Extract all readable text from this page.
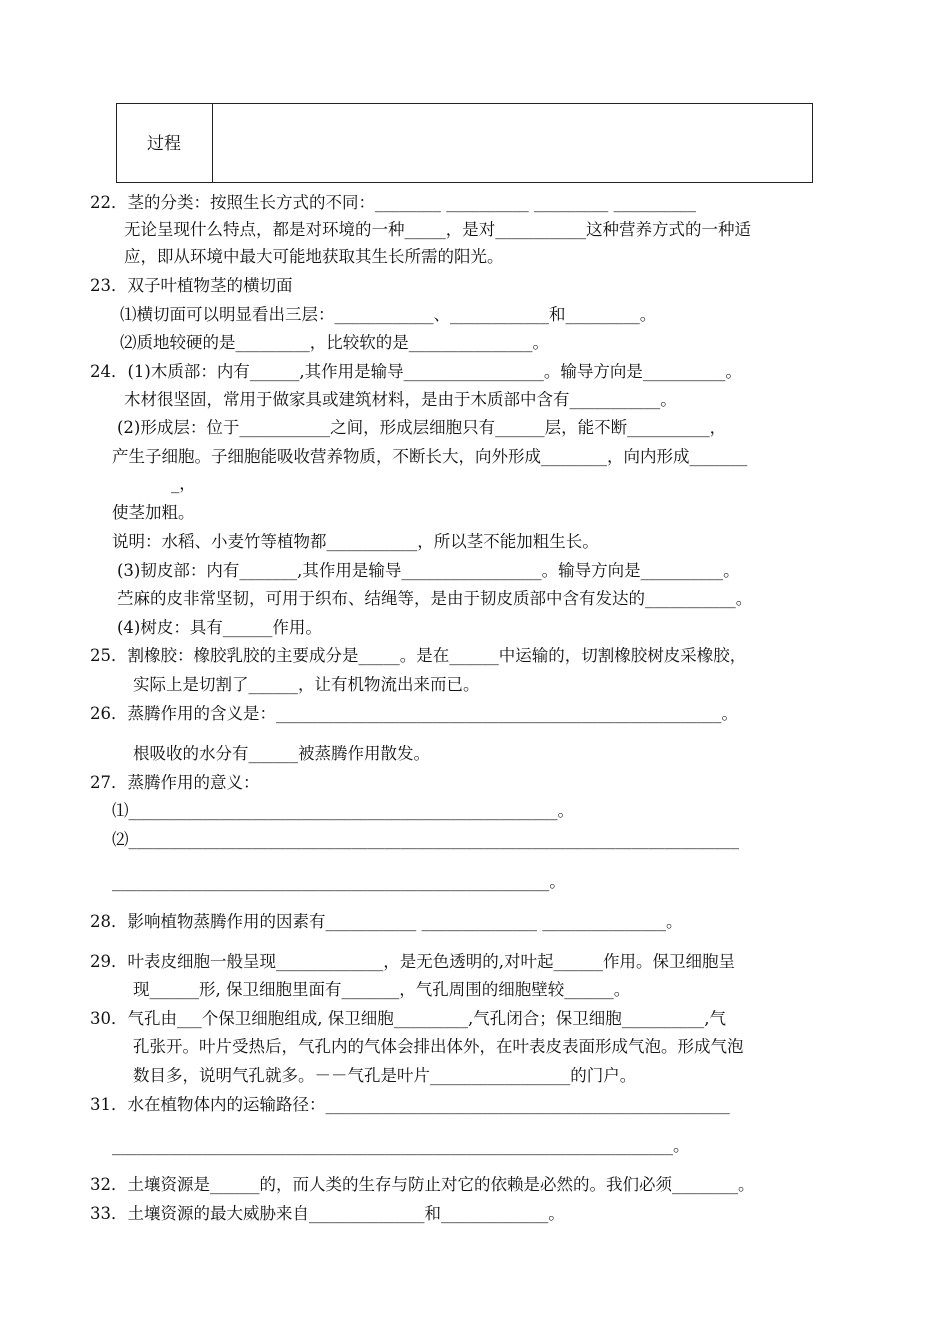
过程
22．茎的分类：按照生长方式的不同：________ __________ _________ __________
无论呈现什么特点，都是对环境的一种_____，是对___________这种营养方式的一种适
应，即从环境中最大可能地获取其生长所需的阳光。
23．双子叶植物茎的横切面
⑴横切面可以明显看出三层：____________、____________和_________。
⑵质地较硬的是_________，比较软的是_______________。
24．(1)木质部：内有______,其作用是输导_________________。输导方向是__________。
木材很坚固，常用于做家具或建筑材料，是由于木质部中含有___________。
(2)形成层：位于___________之间，形成层细胞只有______层，能不断__________，
产生子细胞。子细胞能吸收营养物质，不断长大，向外形成________，向内形成_______
_，
使茎加粗。
说明：水稻、小麦竹等植物都___________，所以茎不能加粗生长。
(3)韧皮部：内有_______,其作用是输导_________________。输导方向是__________。
苎麻的皮非常坚韧，可用于织布、结绳等，是由于韧皮质部中含有发达的___________。
(4)树皮：具有______作用。
25．割橡胶：橡胶乳胶的主要成分是_____。是在______中运输的，切割橡胶树皮采橡胶，
实际上是切割了______，让有机物流出来而已。
26．蒸腾作用的含义是：______________________________________________________。
根吸收的水分有______被蒸腾作用散发。
27．蒸腾作用的意义：
⑴____________________________________________________。
⑵__________________________________________________________________________
_____________________________________________________。
28．影响植物蒸腾作用的因素有___________ ______________ _______________。
29．叶表皮细胞一般呈现_____________，是无色透明的,对叶起______作用。保卫细胞呈
现______形, 保卫细胞里面有_______，气孔周围的细胞壁较______。
30．气孔由___个保卫细胞组成, 保卫细胞_________,气孔闭合；保卫细胞__________,气
孔张开。叶片受热后，气孔内的气体会排出体外，在叶表皮表面形成气泡。形成气泡
数目多，说明气孔就多。－－气孔是叶片_________________的门户。
31．水在植物体内的运输路径：_________________________________________________
____________________________________________________________________。
32．土壤资源是______的，而人类的生存与防止对它的依赖是必然的。我们必须________。
33．土壤资源的最大威胁来自______________和_____________。
